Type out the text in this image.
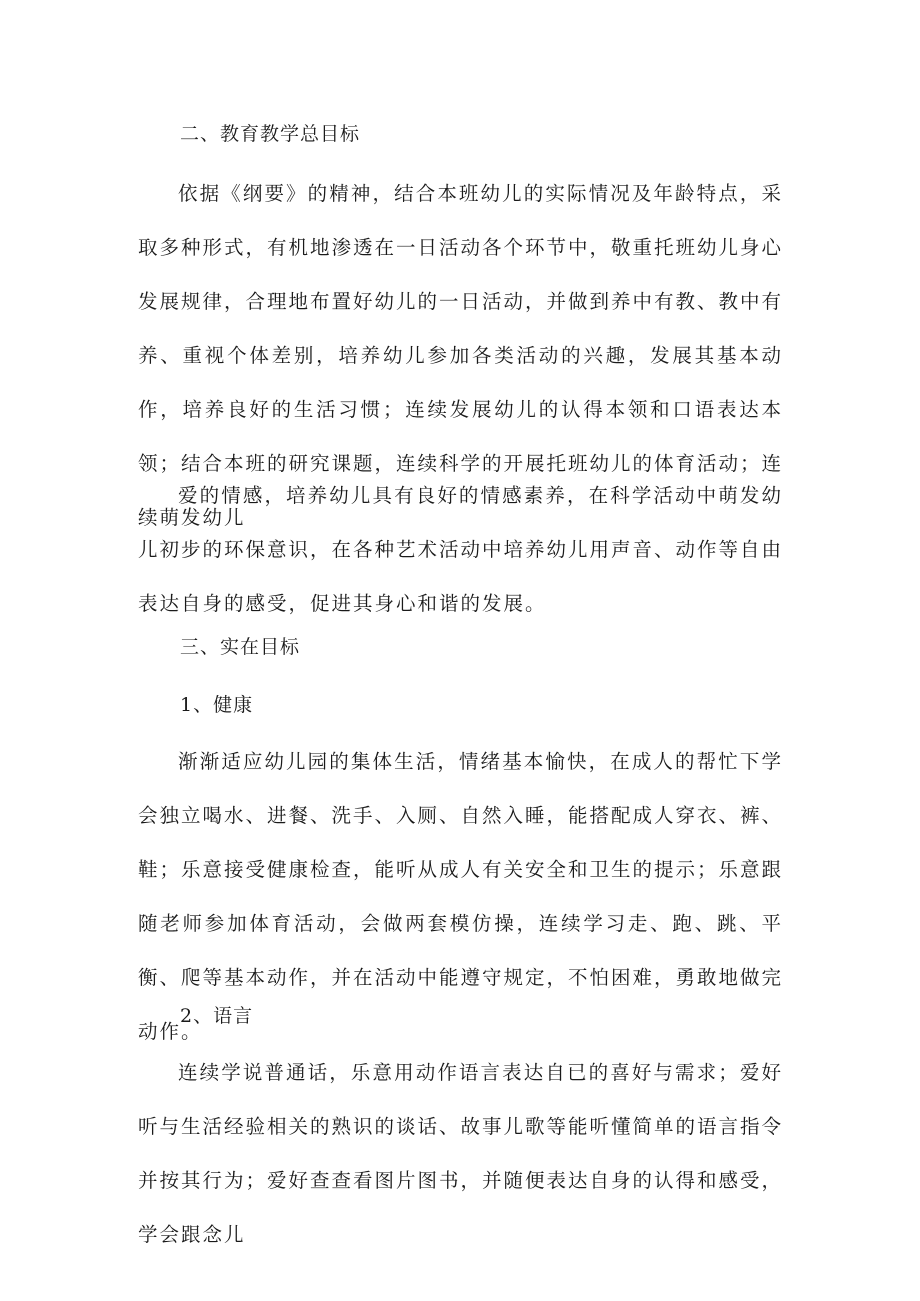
二、教育教学总目标

依据《纲要》的精神，结合本班幼儿的实际情况及年龄特点，采取多种形式，有机地渗透在一日活动各个环节中，敬重托班幼儿身心发展规律，合理地布置好幼儿的一日活动，并做到养中有教、教中有养、重视个体差别，培养幼儿参加各类活动的兴趣，发展其基本动作，培养良好的生活习惯；连续发展幼儿的认得本领和口语表达本领；结合本班的研究课题，连续科学的开展托班幼儿的体育活动；连续萌发幼儿

爱的情感，培养幼儿具有良好的情感素养，在科学活动中萌发幼儿初步的环保意识，在各种艺术活动中培养幼儿用声音、动作等自由表达自身的感受，促进其身心和谐的发展。

三、实在目标

1、健康

渐渐适应幼儿园的集体生活，情绪基本愉快，在成人的帮忙下学会独立喝水、进餐、洗手、入厕、自然入睡，能搭配成人穿衣、裤、鞋；乐意接受健康检查，能听从成人有关安全和卫生的提示；乐意跟随老师参加体育活动，会做两套模仿操，连续学习走、跑、跳、平衡、爬等基本动作，并在活动中能遵守规定，不怕困难，勇敢地做完动作。

2、语言

连续学说普通话，乐意用动作语言表达自已的喜好与需求；爱好听与生活经验相关的熟识的谈话、故事儿歌等能听懂简单的语言指令并按其行为；爱好查查看图片图书，并随便表达自身的认得和感受，学会跟念儿
